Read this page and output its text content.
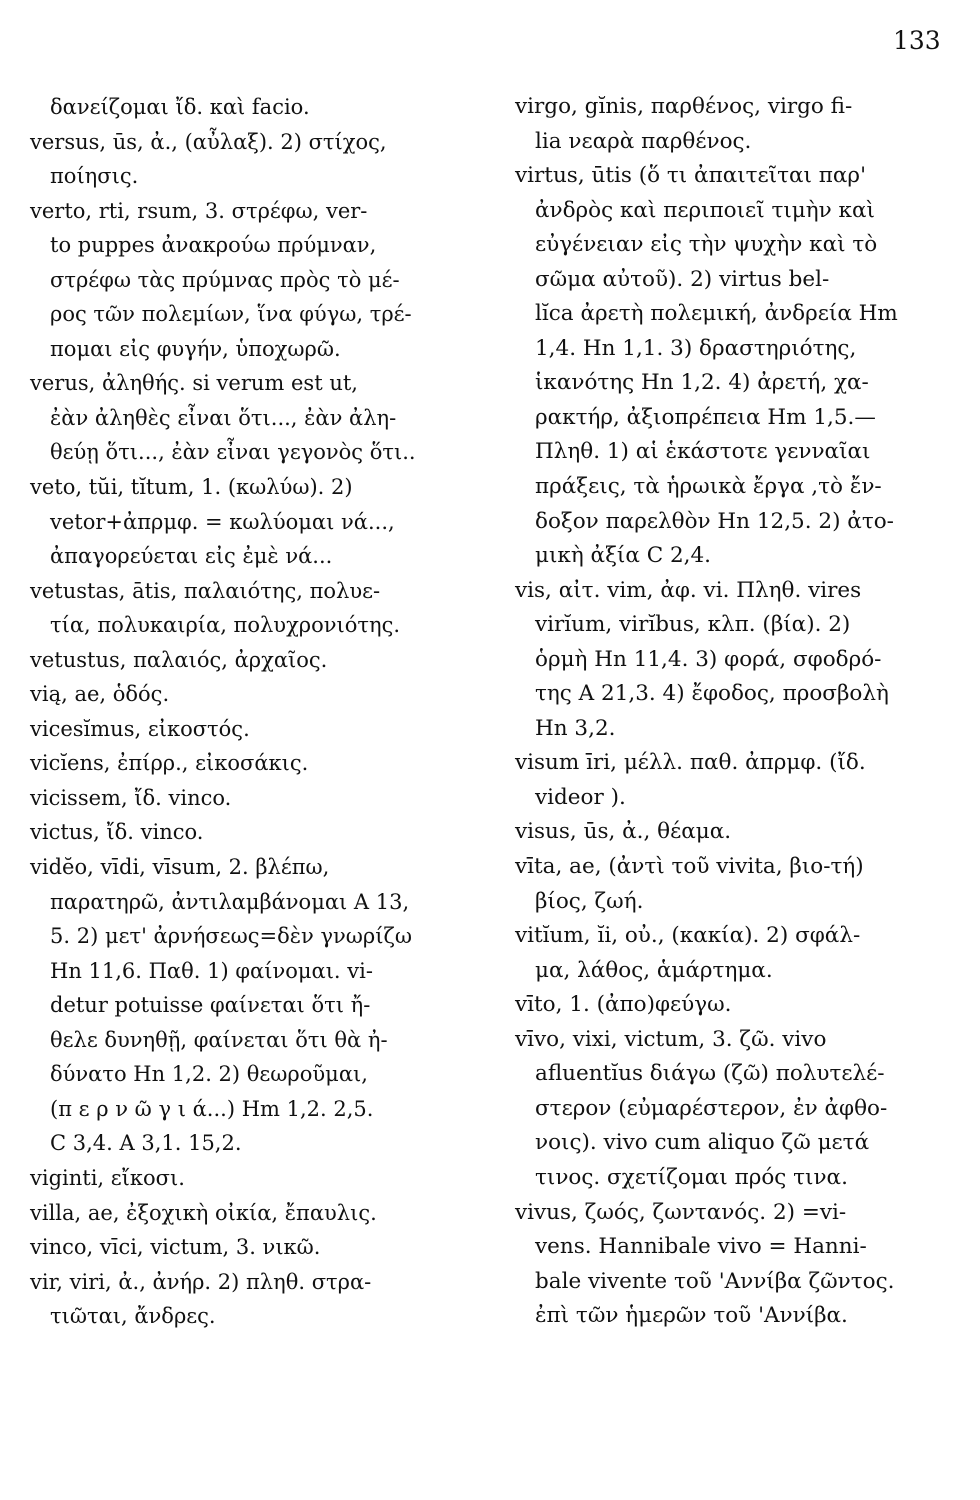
133
δανείζομαι ἴδ. καὶ facio.
versus, ūs, ἀ., (αὖλαξ). 2) στίχος,
ποίησις.
verto, rti, rsum, 3. στρέφω, ver-
to puppes ἀνακρούω πρύμναν,
στρέφω τὰς πρύμνας πρὸς τὸ μέ-
ρος τῶν πολεμίων, ἵνα φύγω, τρέ-
πομαι εἰς φυγήν, ὑποχωρῶ.
verus, ἀληθής. si verum est ut,
ἐὰν ἀληθὲς εἶναι ὅτι..., ἐὰν ἀλη-
θεύῃ ὅτι..., ἐὰν εἶναι γεγονὸς ὅτι..
veto, tŭi, tĭtum, 1. (κωλύω). 2)
vetor+ἀπρμφ. = κωλύομαι νά...,
ἀπαγορεύεται εἰς ἐμὲ νά...
vetustas, ātis, παλαιότης, πολυε-
τία, πολυκαιρία, πολυχρονιότης.
vetustus, παλαιός, ἀρχαῖος.
vią, ae, ὁδός.
vicesĭmus, εἰκοστός.
vicĭens, ἐπίρρ., εἰκοσάκις.
vicissem, ἴδ. vinco.
victus, ἴδ. vinco.
vidĕo, vīdi, vīsum, 2. βλέπω,
παρατηρῶ, ἀντιλαμβάνομαι A 13,
5. 2) μετ' ἀρνήσεως=δὲν γνωρίζω
Hn 11,6. Παθ. 1) φαίνομαι. vi-
detur potuisse φαίνεται ὅτι ἤ-
θελε δυνηθῇ, φαίνεται ὅτι θὰ ἠ-
δύνατο Hn 1,2. 2) θεωροῦμαι,
(π ε ρ ν ῶ γ ι ά...) Hm 1,2. 2,5.
C 3,4. A 3,1. 15,2.
viginti, εἴκοσι.
villa, ae, ἐξοχικὴ οἰκία, ἔπαυλις.
vinco, vīci, victum, 3. νικῶ.
vir, viri, ἀ., ἀνήρ. 2) πληθ. στρα-
τιῶται, ἄνδρες.
virgo, gĭnis, παρθένος, virgo fi-
lia νεαρὰ παρθένος.
virtus, ūtis (ὅ τι ἀπαιτεῖται παρ'
ἀνδρὸς καὶ περιποιεῖ τιμὴν καὶ
εὐγένειαν εἰς τὴν ψυχὴν καὶ τὸ
σῶμα αὐτοῦ). 2) virtus bel-
lĭca ἀρετὴ πολεμική, ἀνδρεία Hm
1,4. Hn 1,1. 3) δραστηριότης,
ἱκανότης Hn 1,2. 4) ἀρετή, χα-
ρακτήρ, ἀξιοπρέπεια Hm 1,5.—
Πληθ. 1) αἱ ἑκάστοτε γενναῖαι
πράξεις, τὰ ἡρωικὰ ἔργα ,τὸ ἔν-
δοξον παρελθὸν Hn 12,5. 2) ἀτο-
μικὴ ἀξία C 2,4.
vis, αἰτ. vim, ἀφ. vi. Πληθ. vires
virĭum, virĭbus, κλπ. (βία). 2)
ὁρμὴ Hn 11,4. 3) φορά, σφοδρό-
της A 21,3. 4) ἔφοδος, προσβολὴ
Hn 3,2.
visum īri, μέλλ. παθ. ἀπρμφ. (ἴδ.
videor ).
visus, ūs, ἀ., θέαμα.
vīta, ae, (ἀντὶ τοῦ vivita, βιο-τή)
βίος, ζωή.
vitĭum, ĭi, οὐ., (κακία). 2) σφάλ-
μα, λάθος, ἁμάρτημα.
vīto, 1. (ἀπο)φεύγω.
vīvo, vixi, victum, 3. ζῶ. vivo
afluentĭus διάγω (ζῶ) πολυτελέ-
στερον (εὐμαρέστερον, ἐν ἀφθο-
νοις). vivo cum aliquo ζῶ μετά
τινος. σχετίζομαι πρός τινα.
vivus, ζωός, ζωντανός. 2) =vi-
vens. Hannibale vivo = Hanni-
bale vivente τοῦ 'Αννίβα ζῶντος.
ἐπὶ τῶν ἡμερῶν τοῦ 'Αννίβα.
